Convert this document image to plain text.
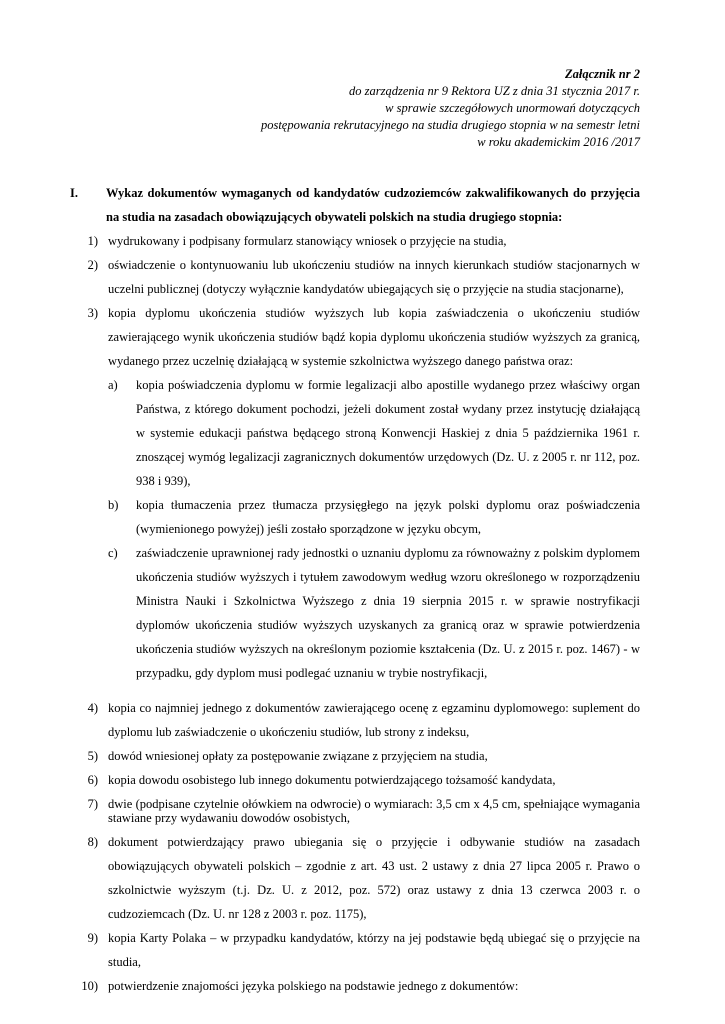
Załącznik nr 2
do zarządzenia nr 9 Rektora UZ z dnia 31 stycznia 2017 r.
w sprawie szczegółowych unormowań dotyczących
postępowania rekrutacyjnego na studia drugiego stopnia w na semestr letni
w roku akademickim 2016 /2017
I.	Wykaz dokumentów wymaganych od kandydatów cudzoziemców zakwalifikowanych do przyjęcia na studia na zasadach obowiązujących obywateli polskich na studia drugiego stopnia:
1) wydrukowany i podpisany formularz stanowiący wniosek o przyjęcie na studia,
2) oświadczenie o kontynuowaniu lub ukończeniu studiów na innych kierunkach studiów stacjonarnych w uczelni publicznej (dotyczy wyłącznie kandydatów ubiegających się o przyjęcie na studia stacjonarne),
3) kopia dyplomu ukończenia studiów wyższych lub kopia zaświadczenia o ukończeniu studiów zawierającego wynik ukończenia studiów bądź kopia dyplomu ukończenia studiów wyższych za granicą, wydanego przez uczelnię działającą w systemie szkolnictwa wyższego danego państwa oraz:
a)	kopia poświadczenia dyplomu w formie legalizacji albo apostille wydanego przez właściwy organ Państwa, z którego dokument pochodzi, jeżeli dokument został wydany przez instytucję działającą w systemie edukacji państwa będącego stroną Konwencji Haskiej z dnia 5 października 1961 r. znoszącej wymóg legalizacji zagranicznych dokumentów urzędowych (Dz. U. z 2005 r. nr 112, poz. 938 i 939),
b)	kopia tłumaczenia przez tłumacza przysięgłego na język polski dyplomu oraz poświadczenia (wymienionego powyżej) jeśli zostało sporządzone w języku obcym,
c)	zaświadczenie uprawnionej rady jednostki o uznaniu dyplomu za równoważny z polskim dyplomem ukończenia studiów wyższych i tytułem zawodowym według wzoru określonego w rozporządzeniu Ministra Nauki i Szkolnictwa Wyższego z dnia 19 sierpnia 2015 r. w sprawie nostryfikacji dyplomów ukończenia studiów wyższych uzyskanych za granicą oraz w sprawie potwierdzenia ukończenia studiów wyższych na określonym poziomie kształcenia (Dz. U. z 2015 r. poz. 1467) - w przypadku, gdy dyplom musi podlegać uznaniu w trybie nostryfikacji,
4) kopia co najmniej jednego z dokumentów zawierającego ocenę z egzaminu dyplomowego: suplement do dyplomu lub zaświadczenie o ukończeniu studiów, lub strony z indeksu,
5) dowód wniesionej opłaty za postępowanie związane z przyjęciem na studia,
6) kopia dowodu osobistego lub innego dokumentu potwierdzającego tożsamość kandydata,
7) dwie (podpisane czytelnie ołówkiem na odwrocie) o wymiarach: 3,5 cm x 4,5 cm, spełniające wymagania stawiane przy wydawaniu dowodów osobistych,
8) dokument potwierdzający prawo ubiegania się o przyjęcie i odbywanie studiów na zasadach obowiązujących obywateli polskich – zgodnie z art. 43 ust. 2 ustawy z dnia 27 lipca 2005 r. Prawo o szkolnictwie wyższym (t.j. Dz. U. z 2012, poz. 572) oraz ustawy z dnia 13 czerwca 2003 r. o cudzoziemcach (Dz. U. nr 128 z 2003 r. poz. 1175),
9) kopia Karty Polaka – w przypadku kandydatów, którzy na jej podstawie będą ubiegać się o przyjęcie na studia,
10) potwierdzenie znajomości języka polskiego na podstawie jednego z dokumentów:
